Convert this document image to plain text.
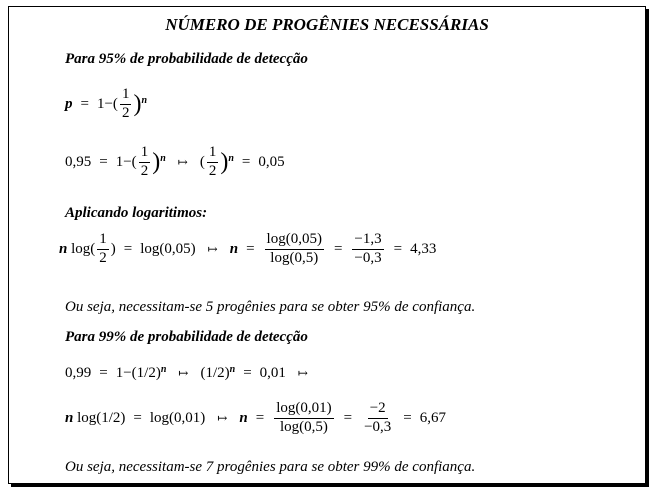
NÚMERO DE PROGÊNIES NECESSÁRIAS
Para 95% de probabilidade de detecção
$p = 1-( \frac{1}{2} )^n$
$0,95 = 1-( \frac{1}{2} )^n$ ↦ ( $\frac{1}{2} )^n = 0,05$
Aplicando logaritimos:
n
$\log( \frac{1}{2}$ ) = log(0,05) ↦ $n = \frac{\log(0,05)}{\log(0,5)} = \frac{-1,3}{-0,3} = 4,33$
Ou seja, necessitam-se 5 progênies para se obter 95% de confiança.
Para 99% de probabilidade de detecção
$0,99 = 1-(1/2)^n$ ↦ $(1/2)^n = 0,01$ ↦
n
log(1/2) = log(0,01) ↦ $n = \frac{\log(0,01)}{\log(0,5)} = \frac{-2}{-0,3} = 6,67$
Ou seja, necessitam-se 7 progênies para se obter 99% de confiança.
